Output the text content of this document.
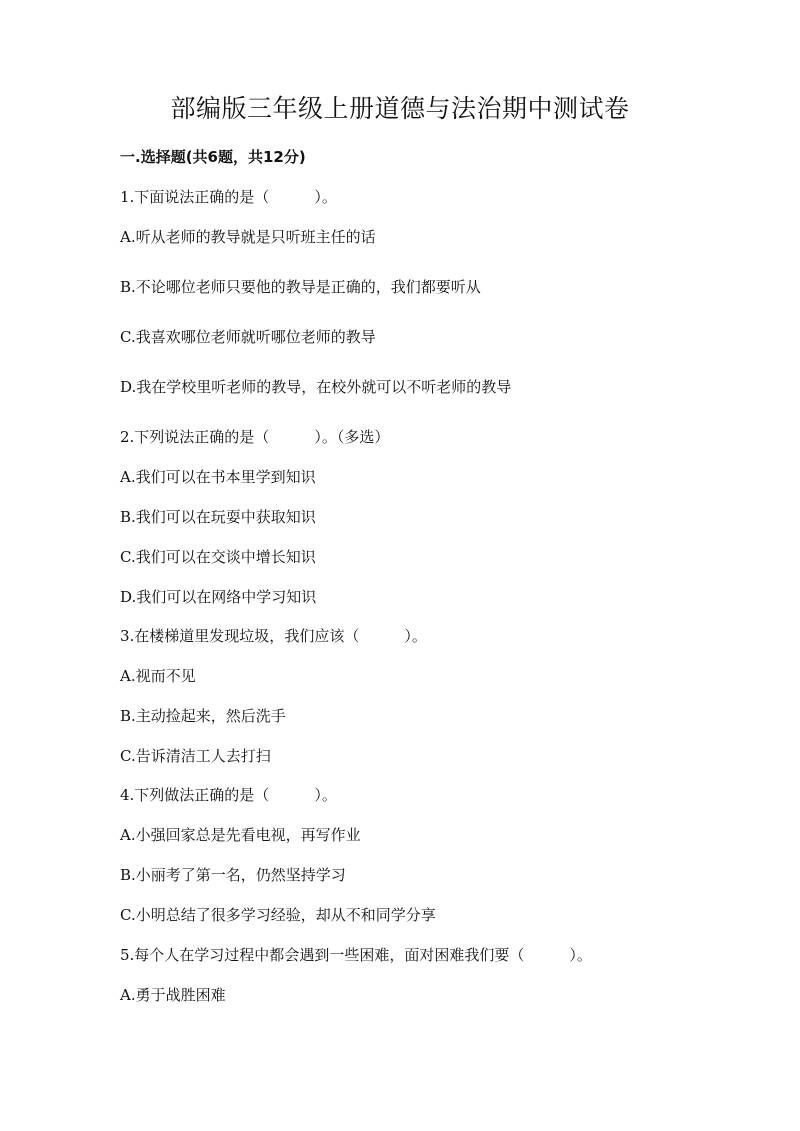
部编版三年级上册道德与法治期中测试卷
一.选择题(共6题，共12分)
1.下面说法正确的是（　　　）。
A.听从老师的教导就是只听班主任的话
B.不论哪位老师只要他的教导是正确的，我们都要听从
C.我喜欢哪位老师就听哪位老师的教导
D.我在学校里听老师的教导，在校外就可以不听老师的教导
2.下列说法正确的是（　　　）。（多选）
A.我们可以在书本里学到知识
B.我们可以在玩耍中获取知识
C.我们可以在交谈中增长知识
D.我们可以在网络中学习知识
3.在楼梯道里发现垃圾，我们应该（　　　）。
A.视而不见
B.主动捡起来，然后洗手
C.告诉清洁工人去打扫
4.下列做法正确的是（　　　）。
A.小强回家总是先看电视，再写作业
B.小丽考了第一名，仍然坚持学习
C.小明总结了很多学习经验，却从不和同学分享
5.每个人在学习过程中都会遇到一些困难，面对困难我们要（　　　）。
A.勇于战胜困难
